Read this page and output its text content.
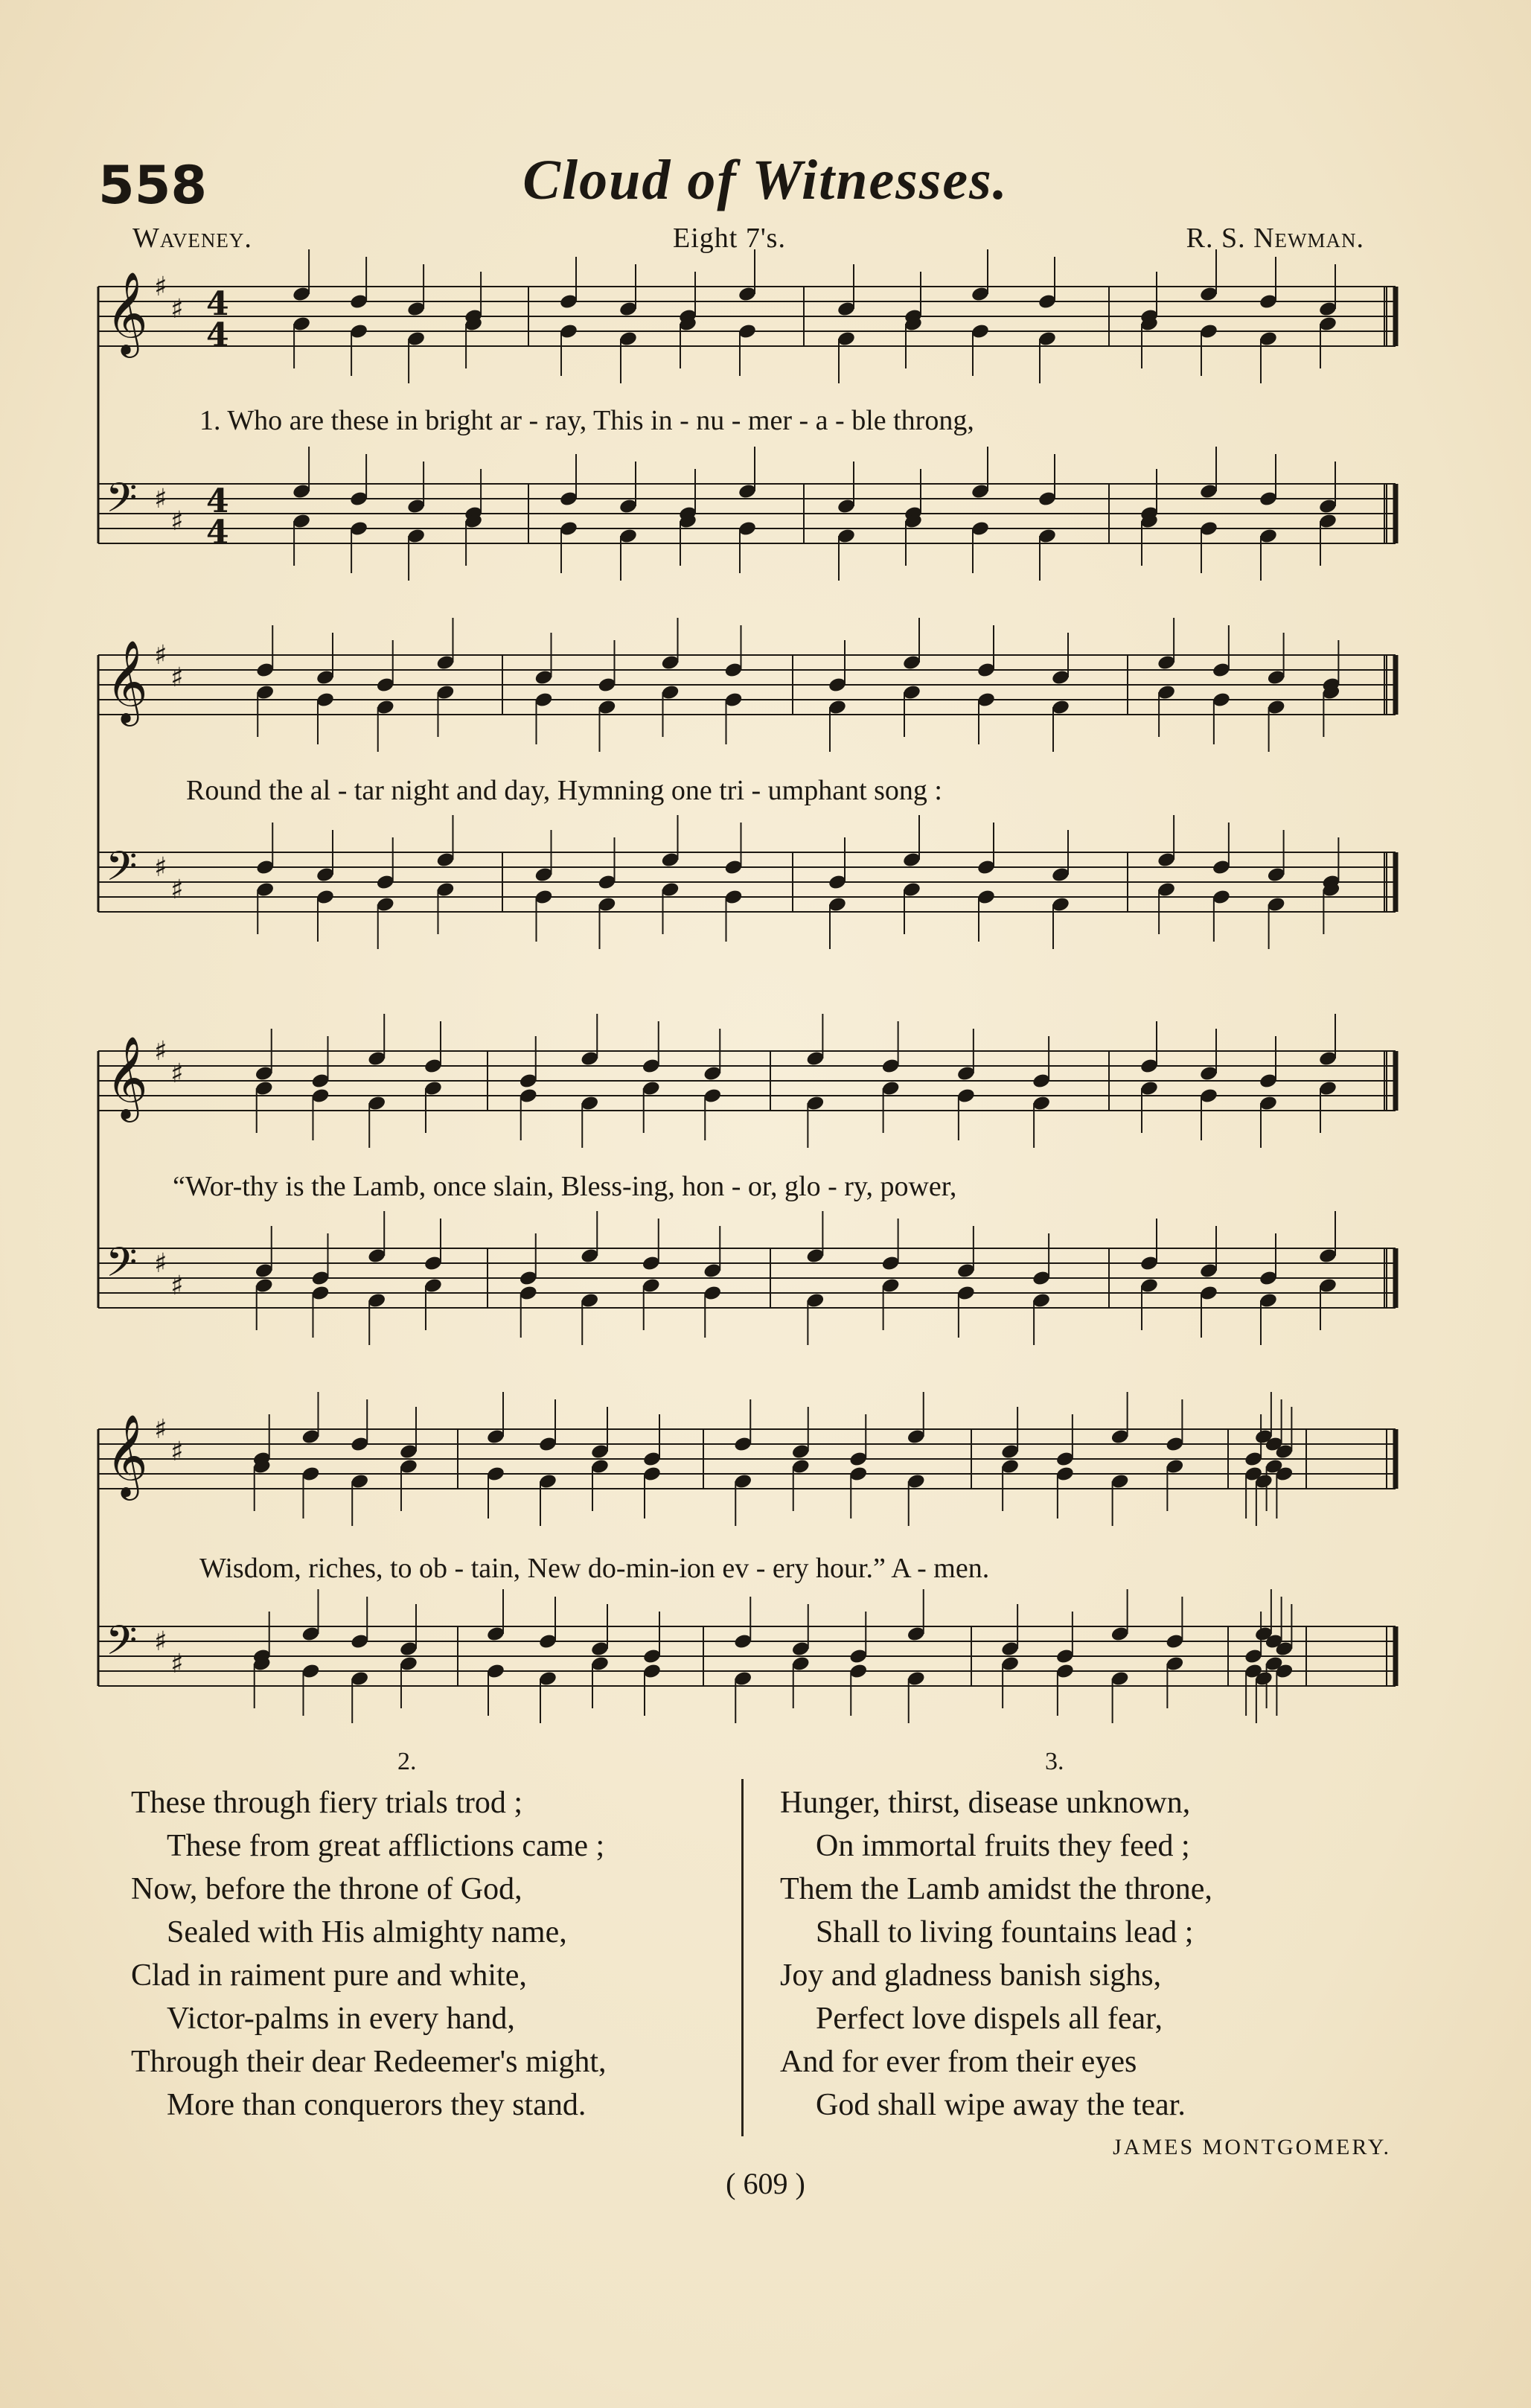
Cloud of Witnesses.
558
Waveney.	Eight 7's.	R. S. Newman.
𝄞 ♯
♯ 4
4
𝄢 ♯
♯
4
4
𝄞 ♯
♯
𝄢 ♯
♯
𝄞 ♯
♯
𝄢 ♯
♯
𝄞 ♯
♯
𝄢 ♯
♯
1. Who are these in bright ar - ray, This in - nu - mer - a - ble throng,
Round the al - tar night and day, Hymning one tri - umphant song :
“Wor-thy is the Lamb, once slain, Bless-ing, hon - or, glo - ry, power,
Wisdom, riches, to ob - tain, New do-min-ion ev - ery hour.” A - men.
2.	3.
These through fiery trials trod ;
These from great afflictions came ;
Now, before the throne of God,
Sealed with His almighty name,
Clad in raiment pure and white,
Victor-palms in every hand,
Through their dear Redeemer's might,
More than conquerors they stand.
Hunger, thirst, disease unknown,
On immortal fruits they feed ;
Them the Lamb amidst the throne,
Shall to living fountains lead ;
Joy and gladness banish sighs,
Perfect love dispels all fear,
And for ever from their eyes
God shall wipe away the tear.
JAMES MONTGOMERY.
( 609 )
